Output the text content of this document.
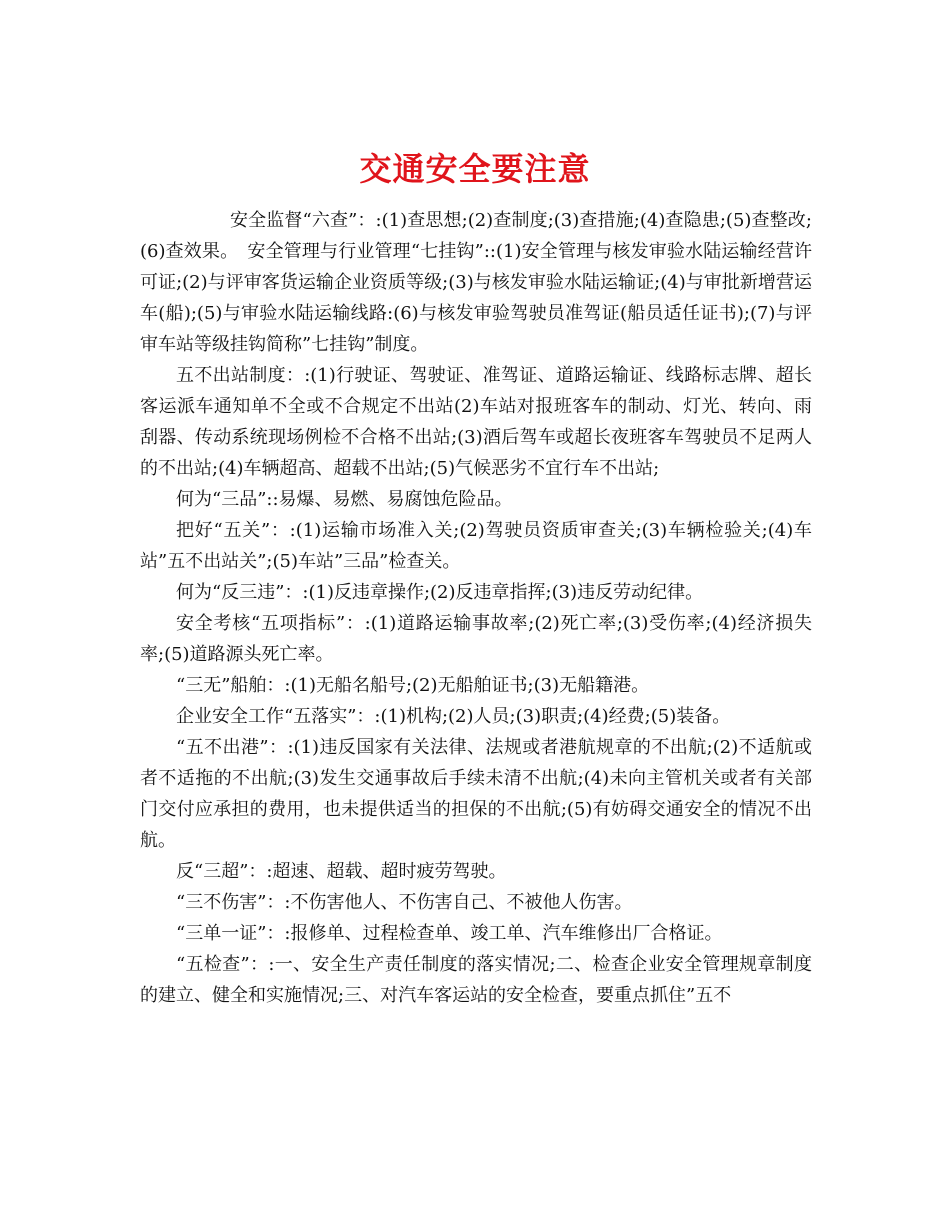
交通安全要注意

安全监督“六查”：:(1)查思想;(2)查制度;(3)查措施;(4)查隐患;(5)查整改;(6)查效果。　安全管理与行业管理“七挂钩”::(1)安全管理与核发审验水陆运输经营许可证;(2)与评审客货运输企业资质等级;(3)与核发审验水陆运输证;(4)与审批新增营运车(船);(5)与审验水陆运输线路:(6)与核发审验驾驶员准驾证(船员适任证书);(7)与评审车站等级挂钩简称”七挂钩”制度。

五不出站制度：:(1)行驶证、驾驶证、准驾证、道路运输证、线路标志牌、超长客运派车通知单不全或不合规定不出站(2)车站对报班客车的制动、灯光、转向、雨刮器、传动系统现场例检不合格不出站;(3)酒后驾车或超长夜班客车驾驶员不足两人的不出站;(4)车辆超高、超载不出站;(5)气候恶劣不宜行车不出站;

何为“三品”::易爆、易燃、易腐蚀危险品。

把好“五关”：:(1)运输市场准入关;(2)驾驶员资质审查关;(3)车辆检验关;(4)车站”五不出站关”;(5)车站”三品”检查关。

何为“反三违”：:(1)反违章操作;(2)反违章指挥;(3)违反劳动纪律。

安全考核“五项指标”：:(1)道路运输事故率;(2)死亡率;(3)受伤率;(4)经济损失率;(5)道路源头死亡率。

“三无”船舶：:(1)无船名船号;(2)无船舶证书;(3)无船籍港。

企业安全工作“五落实”：:(1)机构;(2)人员;(3)职责;(4)经费;(5)装备。

“五不出港”：:(1)违反国家有关法律、法规或者港航规章的不出航;(2)不适航或者不适拖的不出航;(3)发生交通事故后手续未清不出航;(4)未向主管机关或者有关部门交付应承担的费用，也未提供适当的担保的不出航;(5)有妨碍交通安全的情况不出航。

反“三超”：:超速、超载、超时疲劳驾驶。

“三不伤害”：:不伤害他人、不伤害自己、不被他人伤害。

“三单一证”：:报修单、过程检查单、竣工单、汽车维修出厂合格证。

“五检查”：:一、安全生产责任制度的落实情况;二、检查企业安全管理规章制度的建立、健全和实施情况;三、对汽车客运站的安全检查，要重点抓住”五不
